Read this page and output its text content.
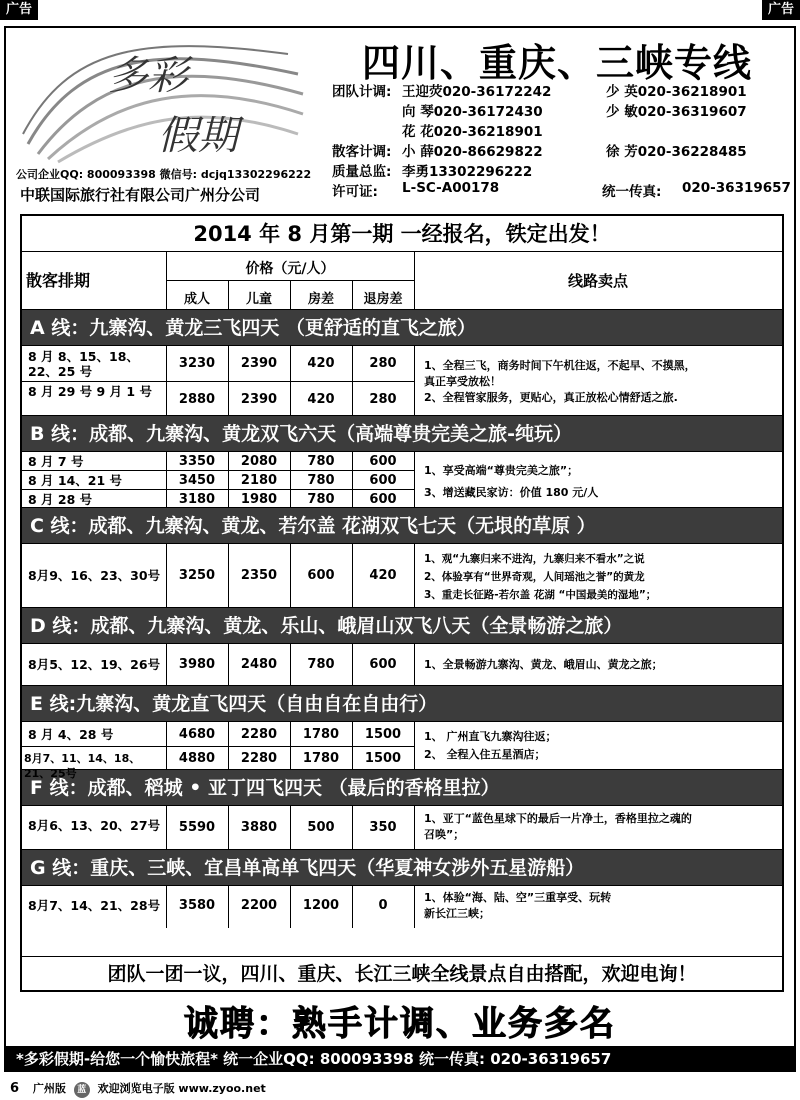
广告	广告
多彩
假期
公司企业QQ: 800093398 微信号: dcjq13302296222
中联国际旅行社有限公司广州分公司
四川、重庆、三峡专线
团队计调: 王迎荧020-36172242	少 英020-36218901
向 琴020-36172430	少 敏020-36319607
花 花020-36218901
散客计调: 小 薛020-86629822	徐 芳020-36228485
质量总监: 李勇13302296222
许可证: L-SC-A00178	统一传真: 020-36319657
2014 年 8 月第一期 一经报名，铁定出发！
散客排期
价格（元/人）
成人	儿童	房差	退房差
线路卖点
A 线：九寨沟、黄龙三飞四天 （更舒适的直飞之旅）
8 月 8、15、18、22、25 号
3230	2390	420	280
8 月 29 号 9 月 1 号
2880	2390	420	280
1、全程三飞，商务时间下午机往返，不起早、不摸黑，
真正享受放松！
2、全程管家服务，更贴心，真正放松心情舒适之旅.
B 线：成都、九寨沟、黄龙双飞六天（高端尊贵完美之旅-纯玩）
8 月 7 号	3350	2080	780	600
8 月 14、21 号	3450	2180	780	600
8 月 28 号	3180	1980	780	600
1、享受高端“尊贵完美之旅”；
3、增送藏民家访：价值 180 元/人
C 线：成都、九寨沟、黄龙、若尔盖 花湖双飞七天（无垠的草原 ）
8月9、16、23、30号	3250	2350	600	420
1、观“九寨归来不进沟，九寨归来不看水”之说
2、体验享有“世界奇观，人间瑶池之誉”的黄龙
3、重走长征路-若尔盖 花湖 “中国最美的湿地”；
D 线：成都、九寨沟、黄龙、乐山、峨眉山双飞八天（全景畅游之旅）
8月5、12、19、26号	3980	2480	780	600	1、全景畅游九寨沟、黄龙、峨眉山、黄龙之旅；
E 线:九寨沟、黄龙直飞四天（自由自在自由行）
8 月 4、28 号	4680	2280	1780	1500
8月7、11、14、18、21、25号
4880	2280	1780	1500
1、 广州直飞九寨沟往返；
2、 全程入住五星酒店；
F 线：成都、稻城 • 亚丁四飞四天 （最后的香格里拉）
8月6、13、20、27号	5590	3880	500	350
1、亚丁“蓝色星球下的最后一片净土，香格里拉之魂的
召唤”；
G 线：重庆、三峡、宜昌单高单飞四天（华夏神女涉外五星游船）
8月7、14、21、28号	3580	2200	1200	0
1、体验“海、陆、空”三重享受、玩转
新长江三峡；
团队一团一议，四川、重庆、长江三峡全线景点自由搭配，欢迎电询！
诚聘：熟手计调、业务多名
*多彩假期-给您一个愉快旅程* 统一企业QQ: 800093398 统一传真: 020-36319657
6 广州版 蓝 欢迎浏览电子版 www.zyoo.net
